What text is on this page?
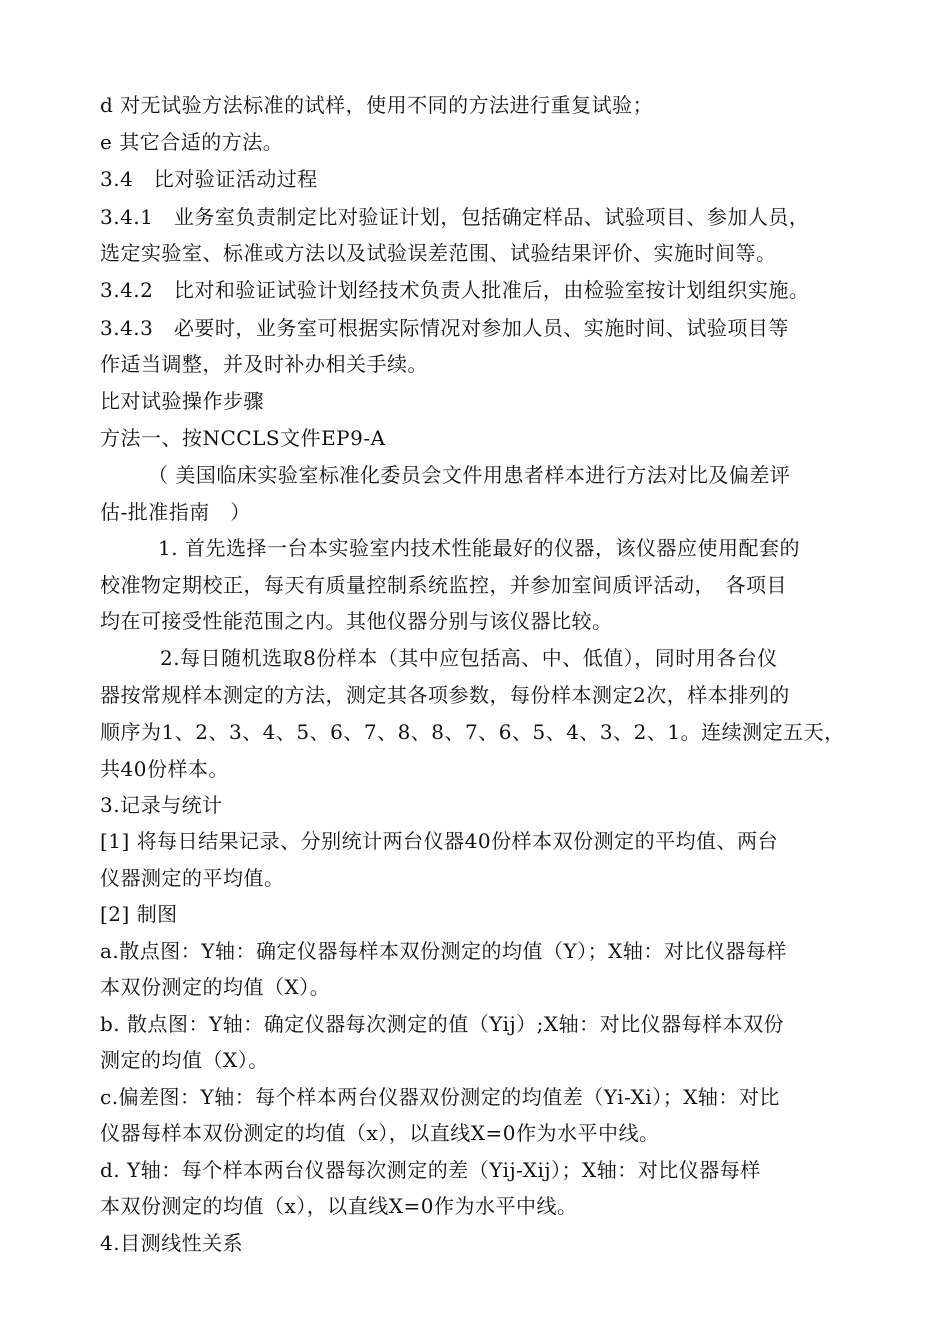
d 对无试验方法标准的试样，使用不同的方法进行重复试验；
e 其它合适的方法。
3.4　比对验证活动过程
3.4.1　业务室负责制定比对验证计划，包括确定样品、试验项目、参加人员，
选定实验室、标准或方法以及试验误差范围、试验结果评价、实施时间等。
3.4.2　比对和验证试验计划经技术负责人批准后，由检验室按计划组织实施。
3.4.3　必要时，业务室可根据实际情况对参加人员、实施时间、试验项目等
作适当调整，并及时补办相关手续。
比对试验操作步骤
方法一、按NCCLS文件EP9-A
（ 美国临床实验室标准化委员会文件用患者样本进行方法对比及偏差评
估-批准指南　）
1. 首先选择一台本实验室内技术性能最好的仪器，该仪器应使用配套的
校准物定期校正，每天有质量控制系统监控，并参加室间质评活动，　各项目
均在可接受性能范围之内。其他仪器分别与该仪器比较。
2.每日随机选取8份样本（其中应包括高、中、低值），同时用各台仪
器按常规样本测定的方法，测定其各项参数，每份样本测定2次，样本排列的
顺序为1、2、3、4、5、6、7、8、8、7、6、5、4、3、2、1。连续测定五天，
共40份样本。
3.记录与统计
[1] 将每日结果记录、分别统计两台仪器40份样本双份测定的平均值、两台
仪器测定的平均值。
[2] 制图
a.散点图：Y轴：确定仪器每样本双份测定的均值（Y）；X轴：对比仪器每样
本双份测定的均值（X）。
b. 散点图：Y轴：确定仪器每次测定的值（Yij）;X轴：对比仪器每样本双份
测定的均值（X）。
c.偏差图：Y轴：每个样本两台仪器双份测定的均值差（Yi-Xi）；X轴：对比
仪器每样本双份测定的均值（x），以直线X=0作为水平中线。
d. Y轴：每个样本两台仪器每次测定的差（Yij-Xij）；X轴：对比仪器每样
本双份测定的均值（x），以直线X=0作为水平中线。
4.目测线性关系
